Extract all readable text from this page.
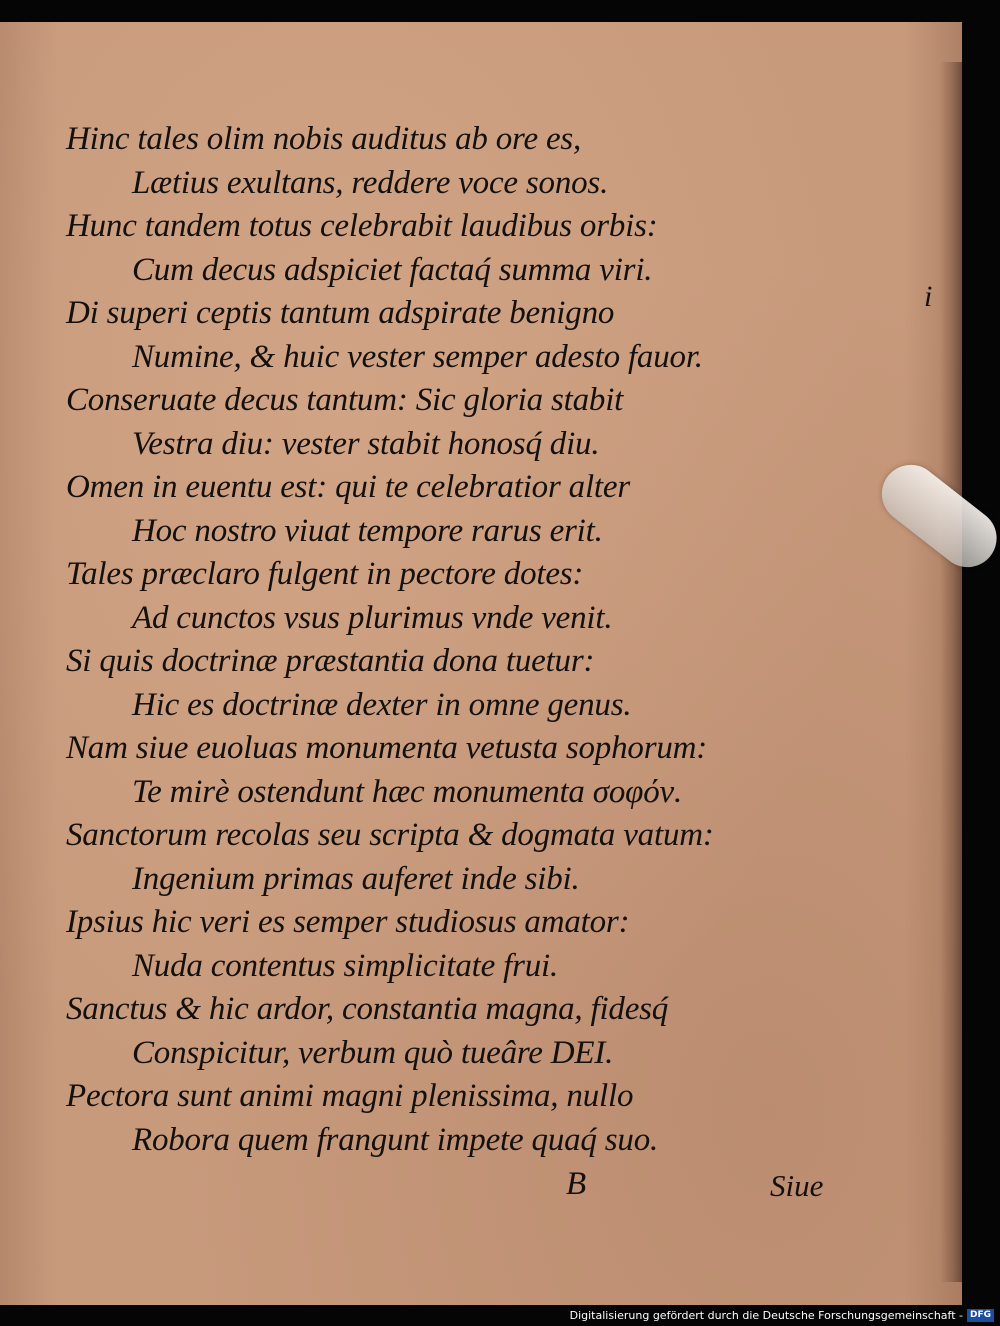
Hinc tales olim nobis auditus ab ore es,
Lætius exultans, reddere voce sonos.
Hunc tandem totus celebrabit laudibus orbis:
Cum decus adspiciet factaq́ summa viri.
Di superi ceptis tantum adspirate benigno
Numine, & huic vester semper adesto fauor.
Conseruate decus tantum: Sic gloria stabit
Vestra diu: vester stabit honosq́ diu.
Omen in euentu est: qui te celebratior alter
Hoc nostro viuat tempore rarus erit.
Tales præclaro fulgent in pectore dotes:
Ad cunctos vsus plurimus vnde venit.
Si quis doctrinæ præstantia dona tuetur:
Hic es doctrinæ dexter in omne genus.
Nam siue euoluas monumenta vetusta sophorum:
Te mirè ostendunt hæc monumenta σοφόν.
Sanctorum recolas seu scripta & dogmata vatum:
Ingenium primas auferet inde sibi.
Ipsius hic veri es semper studiosus amator:
Nuda contentus simplicitate frui.
Sanctus & hic ardor, constantia magna, fidesq́
Conspicitur, verbum quò tueâre DEI.
Pectora sunt animi magni plenissima, nullo
Robora quem frangunt impete quaq́ suo.
i
B	Siue
Digitalisierung gefördert durch die Deutsche Forschungsgemeinschaft - DFG
